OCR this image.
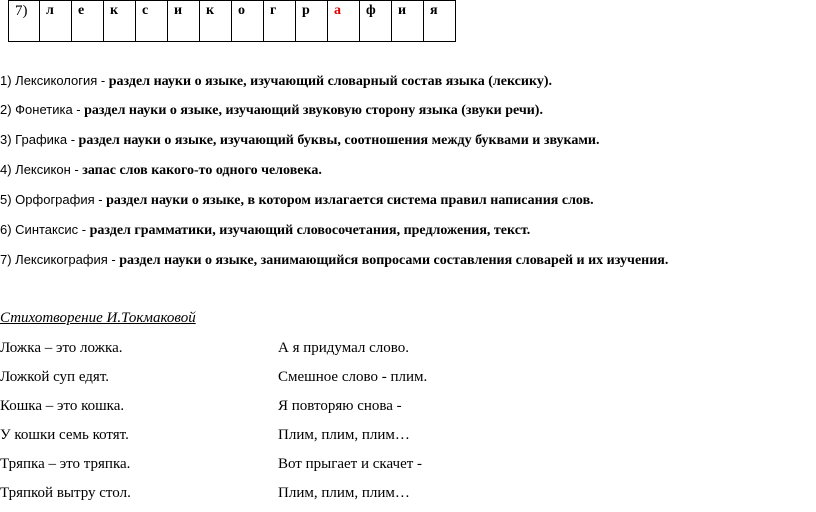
7)	л	е	к	с	и	к	о	г	р	а	ф	и	я
1) Лексикология - раздел науки о языке, изучающий словарный состав языка (лексику).
2) Фонетика - раздел науки о языке, изучающий звуковую сторону языка (звуки речи).
3) Графика - раздел науки о языке, изучающий буквы, соотношения между буквами и звуками.
4) Лексикон - запас слов какого-то одного человека.
5) Орфография - раздел науки о языке, в котором излагается система правил написания слов.
6) Синтаксис - раздел грамматики, изучающий словосочетания, предложения, текст.
7) Лексикография - раздел науки о языке, занимающийся вопросами составления словарей и их изучения.
Стихотворение И.Токмаковой
Ложка – это ложка.
Ложкой суп едят.
Кошка – это кошка.
У кошки семь котят.
Тряпка – это тряпка.
Тряпкой вытру стол.
А я придумал слово.
Смешное слово - плим.
Я повторяю снова -
Плим, плим, плим…
Вот прыгает и скачет -
Плим, плим, плим…
